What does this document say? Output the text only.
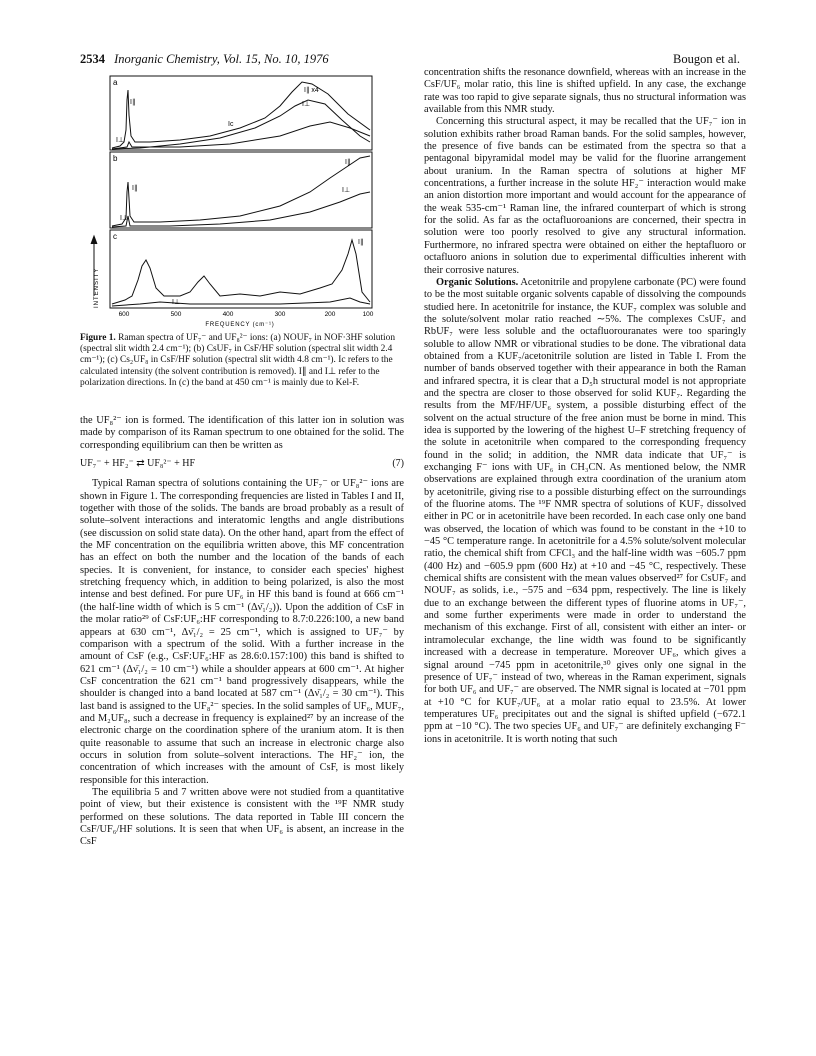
2534 Inorganic Chemistry, Vol. 15, No. 10, 1976	Bougon et al.
a
I∥
I⊥
Ic
I∥ x4
I⊥
b
I∥
I⊥
I∥
I⊥
c
I∥
I⊥
INTENSITY
600	500	400	300	200	100
FREQUENCY (cm⁻¹)
Figure 1. Raman spectra of UF₇⁻ and UF₈²⁻ ions: (a) NOUF₇ in NOF·3HF solution (spectral slit width 2.4 cm⁻¹); (b) CsUF₇ in CsF/HF solution (spectral slit width 2.4 cm⁻¹); (c) Cs₂UF₈ in CsF/HF solution (spectral slit width 4.8 cm⁻¹). Ic refers to the calculated intensity (the solvent contribution is removed). I∥ and I⊥ refer to the polarization directions. In (c) the band at 450 cm⁻¹ is mainly due to Kel-F.

the UF₈²⁻ ion is formed. The identification of this latter ion in solution was made by comparison of its Raman spectrum to one obtained for the solid. The corresponding equilibrium can then be written as

UF₇⁻ + HF₂⁻ ⇄ UF₈²⁻ + HF	(7)

Typical Raman spectra of solutions containing the UF₇⁻ or UF₈²⁻ ions are shown in Figure 1. The corresponding frequencies are listed in Tables I and II, together with those of the solids. The bands are broad probably as a result of solute–solvent interactions and interatomic lengths and angle distributions (see discussion on solid state data). On the other hand, apart from the effect of the MF concentration on the equilibria written above, this MF concentration has an effect on both the number and the location of the bands of each species. It is convenient, for instance, to consider each species' highest stretching frequency which, in addition to being polarized, is also the most intense and best defined. For pure UF₆ in HF this band is found at 666 cm⁻¹ (the half-line width of which is 5 cm⁻¹ (Δν̄₁/₂)). Upon the addition of CsF in the molar ratio²⁹ of CsF:UF₆:HF corresponding to 8.7:0.226:100, a new band appears at 630 cm⁻¹, Δν̄₁/₂ = 25 cm⁻¹, which is assigned to UF₇⁻ by comparison with a spectrum of the solid. With a further increase in the amount of CsF (e.g., CsF:UF₆:HF as 28.6:0.157:100) this band is shifted to 621 cm⁻¹ (Δν̄₁/₂ = 10 cm⁻¹) while a shoulder appears at 600 cm⁻¹. At higher CsF concentration the 621 cm⁻¹ band progressively disappears, while the shoulder is changed into a band located at 587 cm⁻¹ (Δν̄₁/₂ = 30 cm⁻¹). This last band is assigned to the UF₈²⁻ species. In the solid samples of UF₆, MUF₇, and M₂UF₈, such a decrease in frequency is explained²⁷ by an increase of the electronic charge on the coordination sphere of the uranium atom. It is then quite reasonable to assume that such an increase in electronic charge also occurs in solution from solute–solvent interactions. The HF₂⁻ ion, the concentration of which increases with the amount of CsF, is most likely responsible for this interaction.

The equilibria 5 and 7 written above were not studied from a quantitative point of view, but their existence is consistent with the ¹⁹F NMR study performed on these solutions. The data reported in Table III concern the CsF/UF₆/HF solutions. It is seen that when UF₆ is absent, an increase in the CsF

concentration shifts the resonance downfield, whereas with an increase in the CsF/UF₆ molar ratio, this line is shifted upfield. In any case, the exchange rate was too rapid to give separate signals, thus no structural information was available from this NMR study.

Concerning this structural aspect, it may be recalled that the UF₇⁻ ion in solution exhibits rather broad Raman bands. For the solid samples, however, the presence of five bands can be estimated from the spectra so that a pentagonal bipyramidal model may be valid for the fluorine arrangement about uranium. In the Raman spectra of solutions at higher MF concentrations, a further increase in the solute HF₂⁻ interaction would make an anion distortion more important and would account for the appearance of the weak 535-cm⁻¹ Raman line, the infrared counterpart of which is strong for the solid. As far as the octafluoroanions are concerned, their spectra in solution were too poorly resolved to give any structural information. Furthermore, no infrared spectra were obtained on either the heptafluoro or octafluoro anions in solution due to experimental difficulties inherent with their corrosive natures.

Organic Solutions. Acetonitrile and propylene carbonate (PC) were found to be the most suitable organic solvents capable of dissolving the compounds studied here. In acetonitrile for instance, the KUF₇ complex was soluble and the solute/solvent molar ratio reached ∼5%. The complexes CsUF₇ and RbUF₇ were less soluble and the octafluorouranates were too sparingly soluble to allow NMR or vibrational studies to be done. The vibrational data obtained from a KUF₇/acetonitrile solution are listed in Table I. From the number of bands observed together with their appearance in both the Raman and infrared spectra, it is clear that a D₅h structural model is not appropriate and the spectra are closer to those observed for solid KUF₇. Regarding the results from the MF/HF/UF₆ system, a possible disturbing effect of the solvent on the actual structure of the free anion must be borne in mind. This idea is supported by the lowering of the highest U–F stretching frequency of the solute in acetonitrile when compared to the corresponding frequency found in the solid; in addition, the NMR data indicate that UF₇⁻ is exchanging F⁻ ions with UF₆ in CH₃CN. As mentioned below, the NMR observations are explained through extra coordination of the uranium atom by acetonitrile, giving rise to a possible disturbing effect on the surroundings of the fluorine atoms. The ¹⁹F NMR spectra of solutions of KUF₇ dissolved either in PC or in acetonitrile have been recorded. In each case only one band was observed, the location of which was found to be constant in the +10 to −45 °C temperature range. In acetonitrile for a 4.5% solute/solvent molecular ratio, the chemical shift from CFCl₃ and the half-line width was −605.7 ppm (400 Hz) and −605.9 ppm (600 Hz) at +10 and −45 °C, respectively. These chemical shifts are consistent with the mean values observed²⁷ for CsUF₇ and NOUF₇ as solids, i.e., −575 and −634 ppm, respectively. The line is likely due to an exchange between the different types of fluorine atoms in UF₇⁻, and some further experiments were made in order to understand the mechanism of this exchange. First of all, consistent with either an inter- or intramolecular exchange, the line width was found to be significantly increased with a decrease in temperature. Moreover UF₆, which gives a signal around −745 ppm in acetonitrile,³⁰ gives only one signal in the presence of UF₇⁻ instead of two, whereas in the Raman experiment, signals for both UF₆ and UF₇⁻ are observed. The NMR signal is located at −701 ppm at +10 °C for KUF₇/UF₆ at a molar ratio equal to 23.5%. At lower temperatures UF₆ precipitates out and the signal is shifted upfield (−672.1 ppm at −10 °C). The two species UF₆ and UF₇⁻ are definitely exchanging F⁻ ions in acetonitrile. It is worth noting that such
